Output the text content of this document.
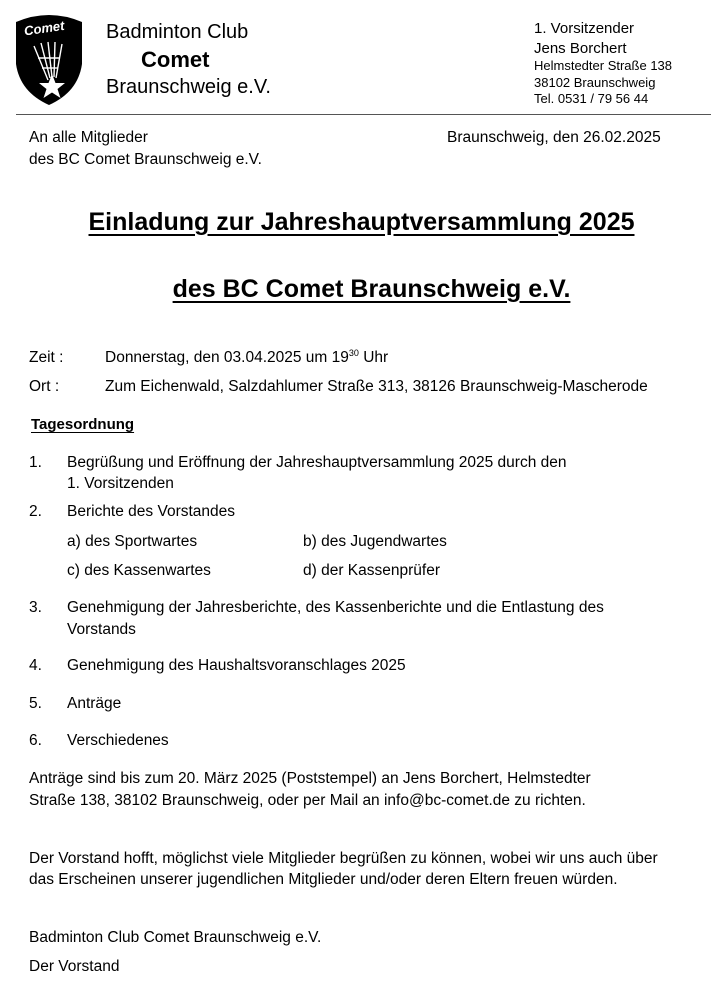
Comet Badminton Club
Comet
Braunschweig e.V.
1. Vorsitzender
Jens Borchert
Helmstedter Straße 138
38102 Braunschweig
Tel. 0531 / 79 56 44
An alle Mitglieder
des BC Comet Braunschweig e.V.
Braunschweig, den 26.02.2025
Einladung zur Jahreshauptversammlung 2025
des BC Comet Braunschweig e.V.
Zeit :	Donnerstag, den 03.04.2025 um $19^{30}$ Uhr
Ort :	Zum Eichenwald, Salzdahlumer Straße 313, 38126 Braunschweig-Mascherode
Tagesordnung
1. Begrüßung und Eröffnung der Jahreshauptversammlung 2025 durch den
1. Vorsitzenden
2. Berichte des Vorstandes
a) des Sportwartes	b) des Jugendwartes
c) des Kassenwartes	d) der Kassenprüfer
3. Genehmigung der Jahresberichte, des Kassenberichte und die Entlastung des
Vorstands
4. Genehmigung des Haushaltsvoranschlages 2025
5. Anträge
6. Verschiedenes
Anträge sind bis zum 20. März 2025 (Poststempel) an Jens Borchert, Helmstedter
Straße 138, 38102 Braunschweig, oder per Mail an info@bc-comet.de zu richten.
Der Vorstand hofft, möglichst viele Mitglieder begrüßen zu können, wobei wir uns auch über
das Erscheinen unserer jugendlichen Mitglieder und/oder deren Eltern freuen würden.
Badminton Club Comet Braunschweig e.V.
Der Vorstand
